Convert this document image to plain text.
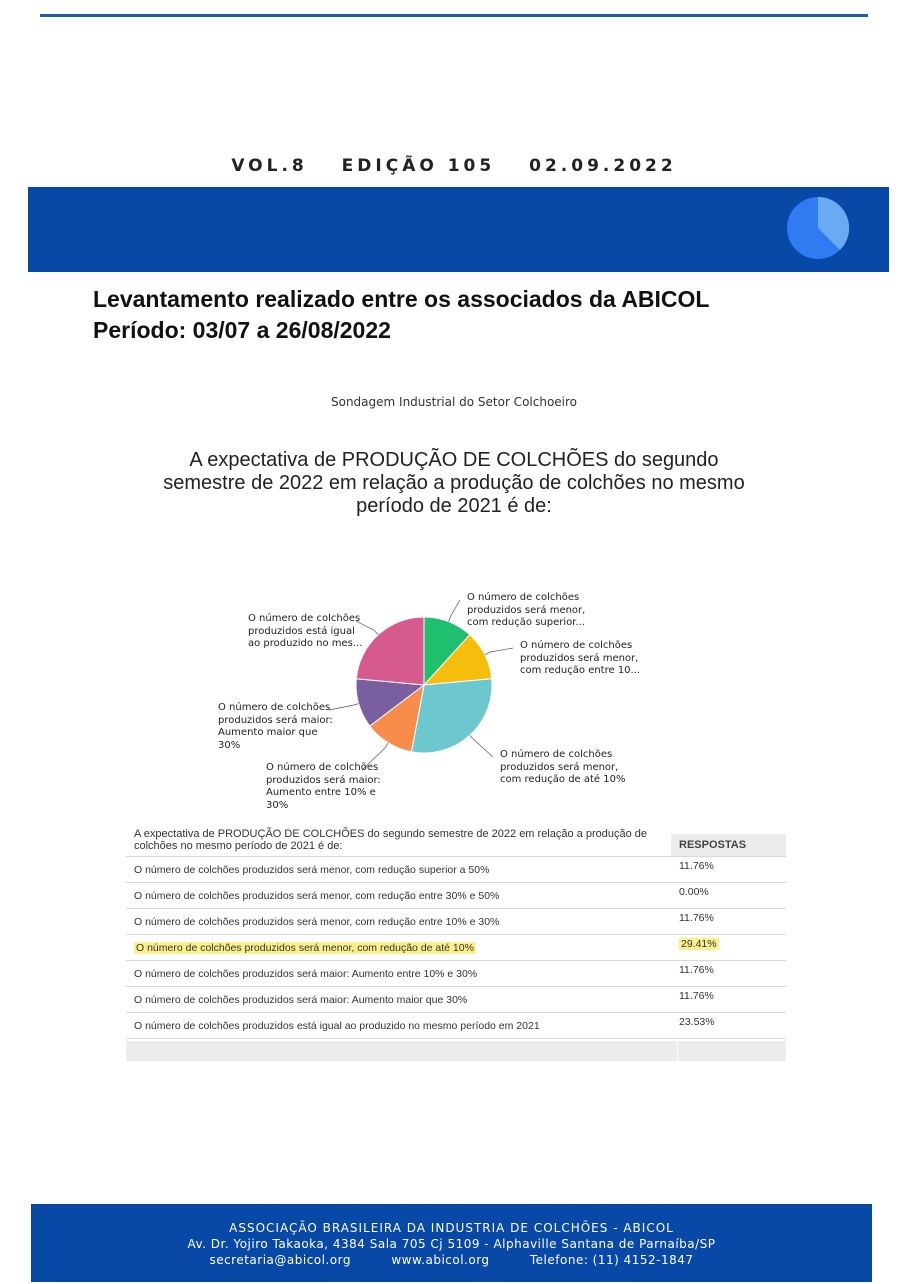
VOL.8 EDIÇÃO 105 02.09.2022
Levantamento realizado entre os associados da ABICOL
Período: 03/07 a 26/08/2022
Sondagem Industrial do Setor Colchoeiro
A expectativa de PRODUÇÃO DE COLCHÕES do segundo semestre de 2022 em relação a produção de colchões no mesmo período de 2021 é de:
O número de colchões
produzidos será menor,
com redução superior...
O número de colchões
produzidos será menor,
com redução entre 10...
O número de colchões
produzidos será menor,
com redução de até 10%
O número de colchões
produzidos será maior:
Aumento entre 10% e
30%
O número de colchões
produzidos será maior:
Aumento maior que
30%
O número de colchões
produzidos está igual
ao produzido no mes...
A expectativa de PRODUÇÃO DE COLCHÕES do segundo semestre de 2022 em relação a produção de colchões no mesmo período de 2021 é de:	RESPOSTAS
O número de colchões produzidos será menor, com redução superior a 50%	11.76%
O número de colchões produzidos será menor, com redução entre 30% e 50%	0.00%
O número de colchões produzidos será menor, com redução entre 10% e 30%	11.76%
O número de colchões produzidos será menor, com redução de até 10%	29.41%
O número de colchões produzidos será maior: Aumento entre 10% e 30%	11.76%
O número de colchões produzidos será maior: Aumento maior que 30%	11.76%
O número de colchões produzidos está igual ao produzido no mesmo período em 2021	23.53%
ASSOCIAÇÃO BRASILEIRA DA INDUSTRIA DE COLCHÕES - ABICOL
Av. Dr. Yojiro Takaoka, 4384 Sala 705 Cj 5109 - Alphaville Santana de Parnaíba/SP
secretaria@abicol.org	www.abicol.org	Telefone: (11) 4152-1847
